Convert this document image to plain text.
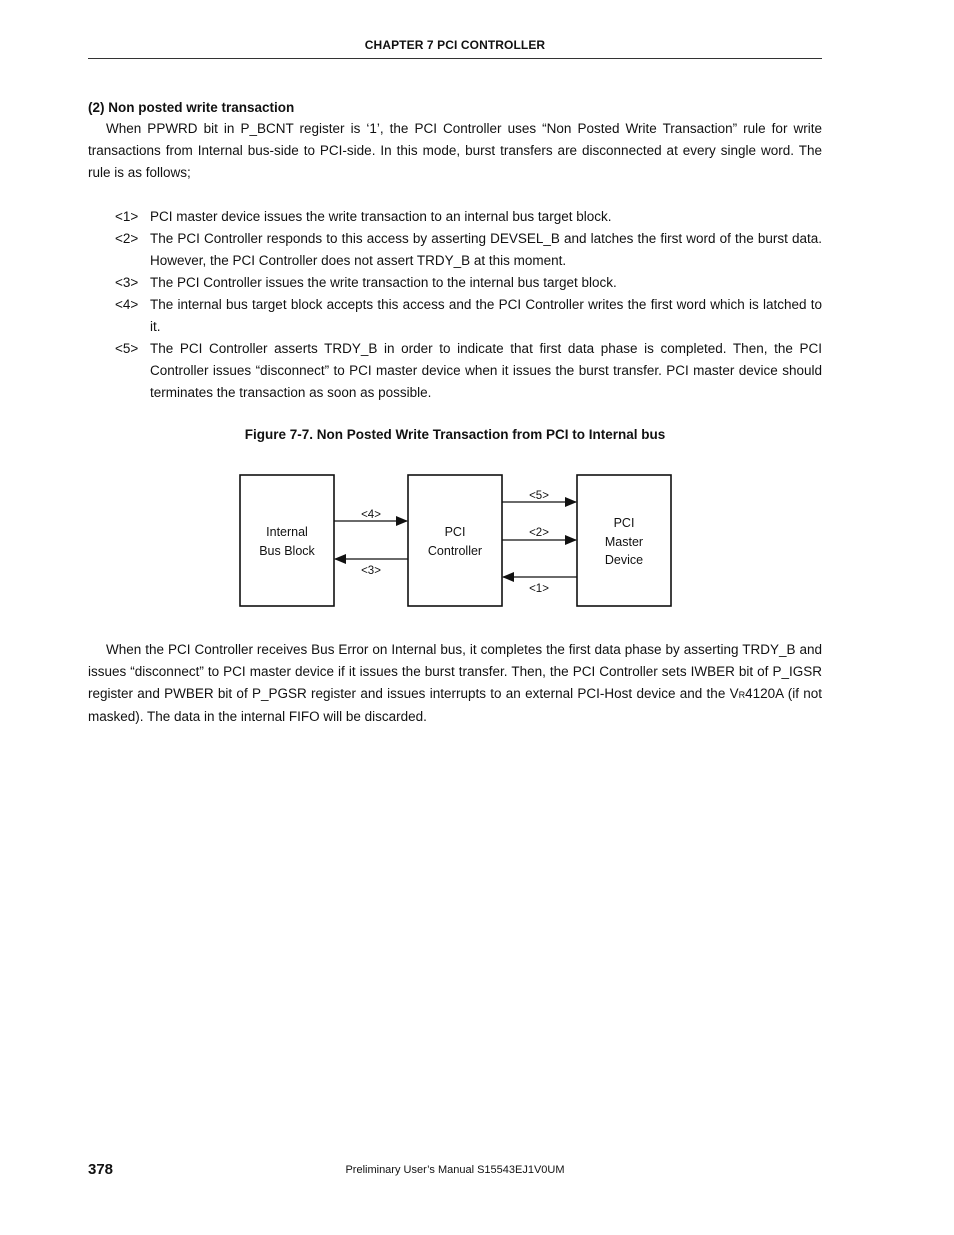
CHAPTER 7 PCI CONTROLLER
(2) Non posted write transaction

When PPWRD bit in P_BCNT register is ‘1’, the PCI Controller uses “Non Posted Write Transaction” rule for write transactions from Internal bus-side to PCI-side. In this mode, burst transfers are disconnected at every single word. The rule is as follows;

<1> PCI master device issues the write transaction to an internal bus target block.
<2> The PCI Controller responds to this access by asserting DEVSEL_B and latches the first word of the burst data. However, the PCI Controller does not assert TRDY_B at this moment.
<3> The PCI Controller issues the write transaction to the internal bus target block.
<4> The internal bus target block accepts this access and the PCI Controller writes the first word which is latched to it.
<5> The PCI Controller asserts TRDY_B in order to indicate that first data phase is completed. Then, the PCI Controller issues “disconnect” to PCI master device when it issues the burst transfer. PCI master device should terminates the transaction as soon as possible.
Figure 7-7. Non Posted Write Transaction from PCI to Internal bus
Internal
Bus Block
PCI
Controller
PCI
Master
Device
<4>
<3>
<5>
<2>
<1>

When the PCI Controller receives Bus Error on Internal bus, it completes the first data phase by asserting TRDY_B and issues “disconnect” to PCI master device if it issues the burst transfer. Then, the PCI Controller sets IWBER bit of P_IGSR register and PWBER bit of P_PGSR register and issues interrupts to an external PCI-Host device and the VR4120A (if not masked). The data in the internal FIFO will be discarded.

378	Preliminary User’s Manual S15543EJ1V0UM
